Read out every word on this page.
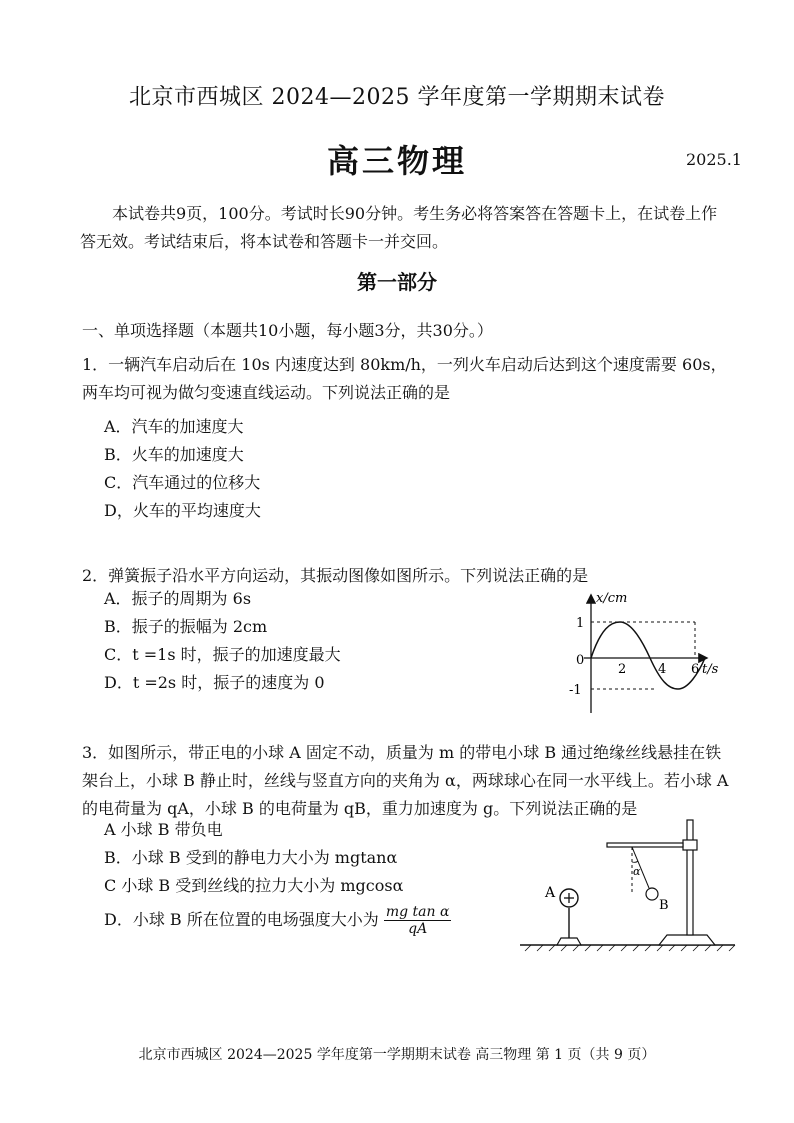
北京市西城区 2024—2025 学年度第一学期期末试卷
高三物理	2025.1
本试卷共9页，100分。考试时长90分钟。考生务必将答案答在答题卡上，在试卷上作答无效。考试结束后，将本试卷和答题卡一并交回。
第一部分
一、单项选择题（本题共10小题，每小题3分，共30分。）
1．一辆汽车启动后在 10s 内速度达到 80km/h，一列火车启动后达到这个速度需要 60s，两车均可视为做匀变速直线运动。下列说法正确的是
A．汽车的加速度大
B．火车的加速度大
C．汽车通过的位移大
D，火车的平均速度大
2．弹簧振子沿水平方向运动，其振动图像如图所示。下列说法正确的是
A．振子的周期为 6s
B．振子的振幅为 2cm
C．t =1s 时，振子的加速度最大
D．t =2s 时，振子的速度为 0
x/cm
1
0
-1
2 4 6 t/s
3．如图所示，带正电的小球 A 固定不动，质量为 m 的带电小球 B 通过绝缘丝线悬挂在铁架台上，小球 B 静止时，丝线与竖直方向的夹角为 α，两球球心在同一水平线上。若小球 A 的电荷量为 qA，小球 B 的电荷量为 qB，重力加速度为 g。下列说法正确的是
A 小球 B 带负电
B．小球 B 受到的静电力大小为 mgtanα
C 小球 B 受到丝线的拉力大小为 mgcosα
D．小球 B 所在位置的电场强度大小为 $\frac{\text{mg tan α}}{qA}$
A
α
B
北京市西城区 2024—2025 学年度第一学期期末试卷 高三物理 第 1 页（共 9 页）
